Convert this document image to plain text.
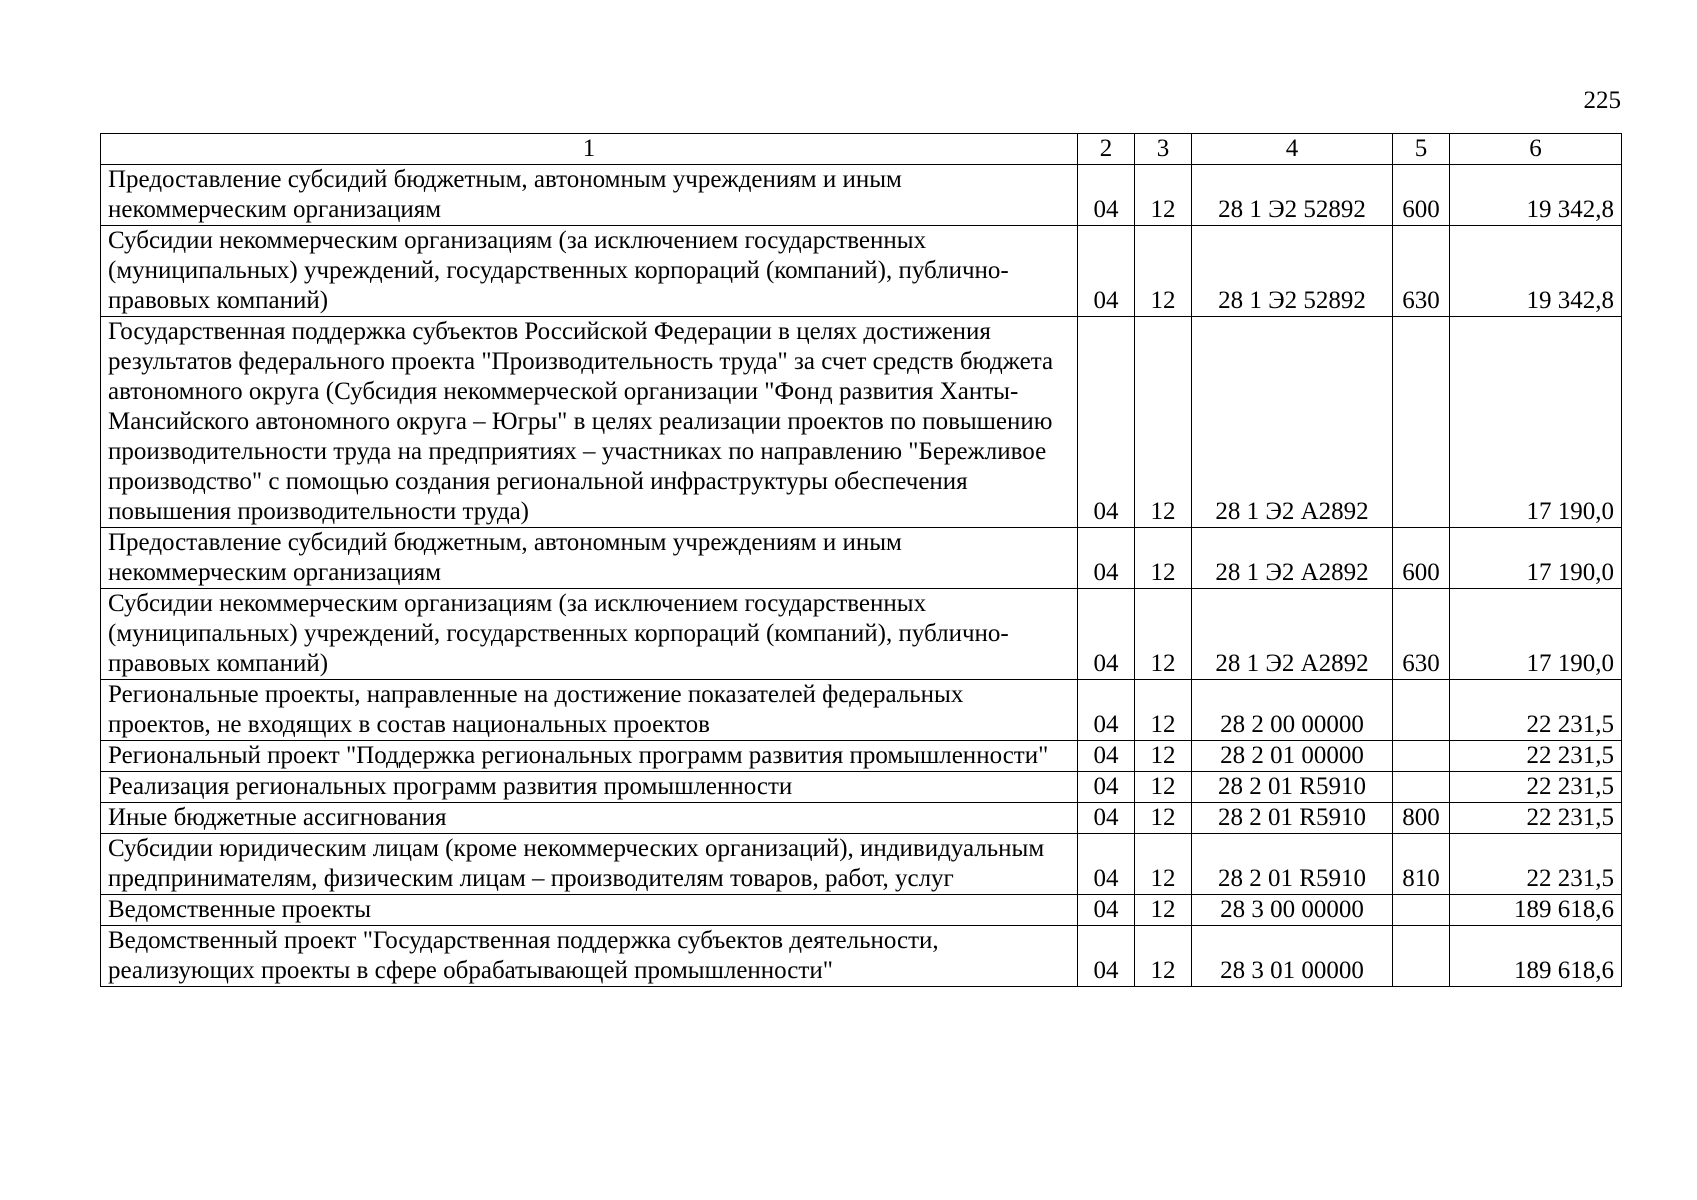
225
1	2	3	4	5	6
Предоставление субсидий бюджетным, автономным учреждениям и иным некоммерческим организациям	04	12	28 1 Э2 52892	600	19 342,8
Субсидии некоммерческим организациям (за исключением государственных (муниципальных) учреждений, государственных корпораций (компаний), публично-правовых компаний)	04	12	28 1 Э2 52892	630	19 342,8
Государственная поддержка субъектов Российской Федерации в целях достижения результатов федерального проекта "Производительность труда" за счет средств бюджета автономного округа (Субсидия некоммерческой организации "Фонд развития Ханты-Мансийского автономного округа – Югры" в целях реализации проектов по повышению производительности труда на предприятиях – участниках по направлению "Бережливое производство" с помощью создания региональной инфраструктуры обеспечения повышения производительности труда)	04	12	28 1 Э2 А2892		17 190,0
Предоставление субсидий бюджетным, автономным учреждениям и иным некоммерческим организациям	04	12	28 1 Э2 А2892	600	17 190,0
Субсидии некоммерческим организациям (за исключением государственных (муниципальных) учреждений, государственных корпораций (компаний), публично-правовых компаний)	04	12	28 1 Э2 А2892	630	17 190,0
Региональные проекты, направленные на достижение показателей федеральных проектов, не входящих в состав национальных проектов	04	12	28 2 00 00000		22 231,5
Региональный проект "Поддержка региональных программ развития промышленности"	04	12	28 2 01 00000		22 231,5
Реализация региональных программ развития промышленности	04	12	28 2 01 R5910		22 231,5
Иные бюджетные ассигнования	04	12	28 2 01 R5910	800	22 231,5
Субсидии юридическим лицам (кроме некоммерческих организаций), индивидуальным предпринимателям, физическим лицам – производителям товаров, работ, услуг	04	12	28 2 01 R5910	810	22 231,5
Ведомственные проекты	04	12	28 3 00 00000		189 618,6
Ведомственный проект "Государственная поддержка субъектов деятельности, реализующих проекты в сфере обрабатывающей промышленности"	04	12	28 3 01 00000		189 618,6
